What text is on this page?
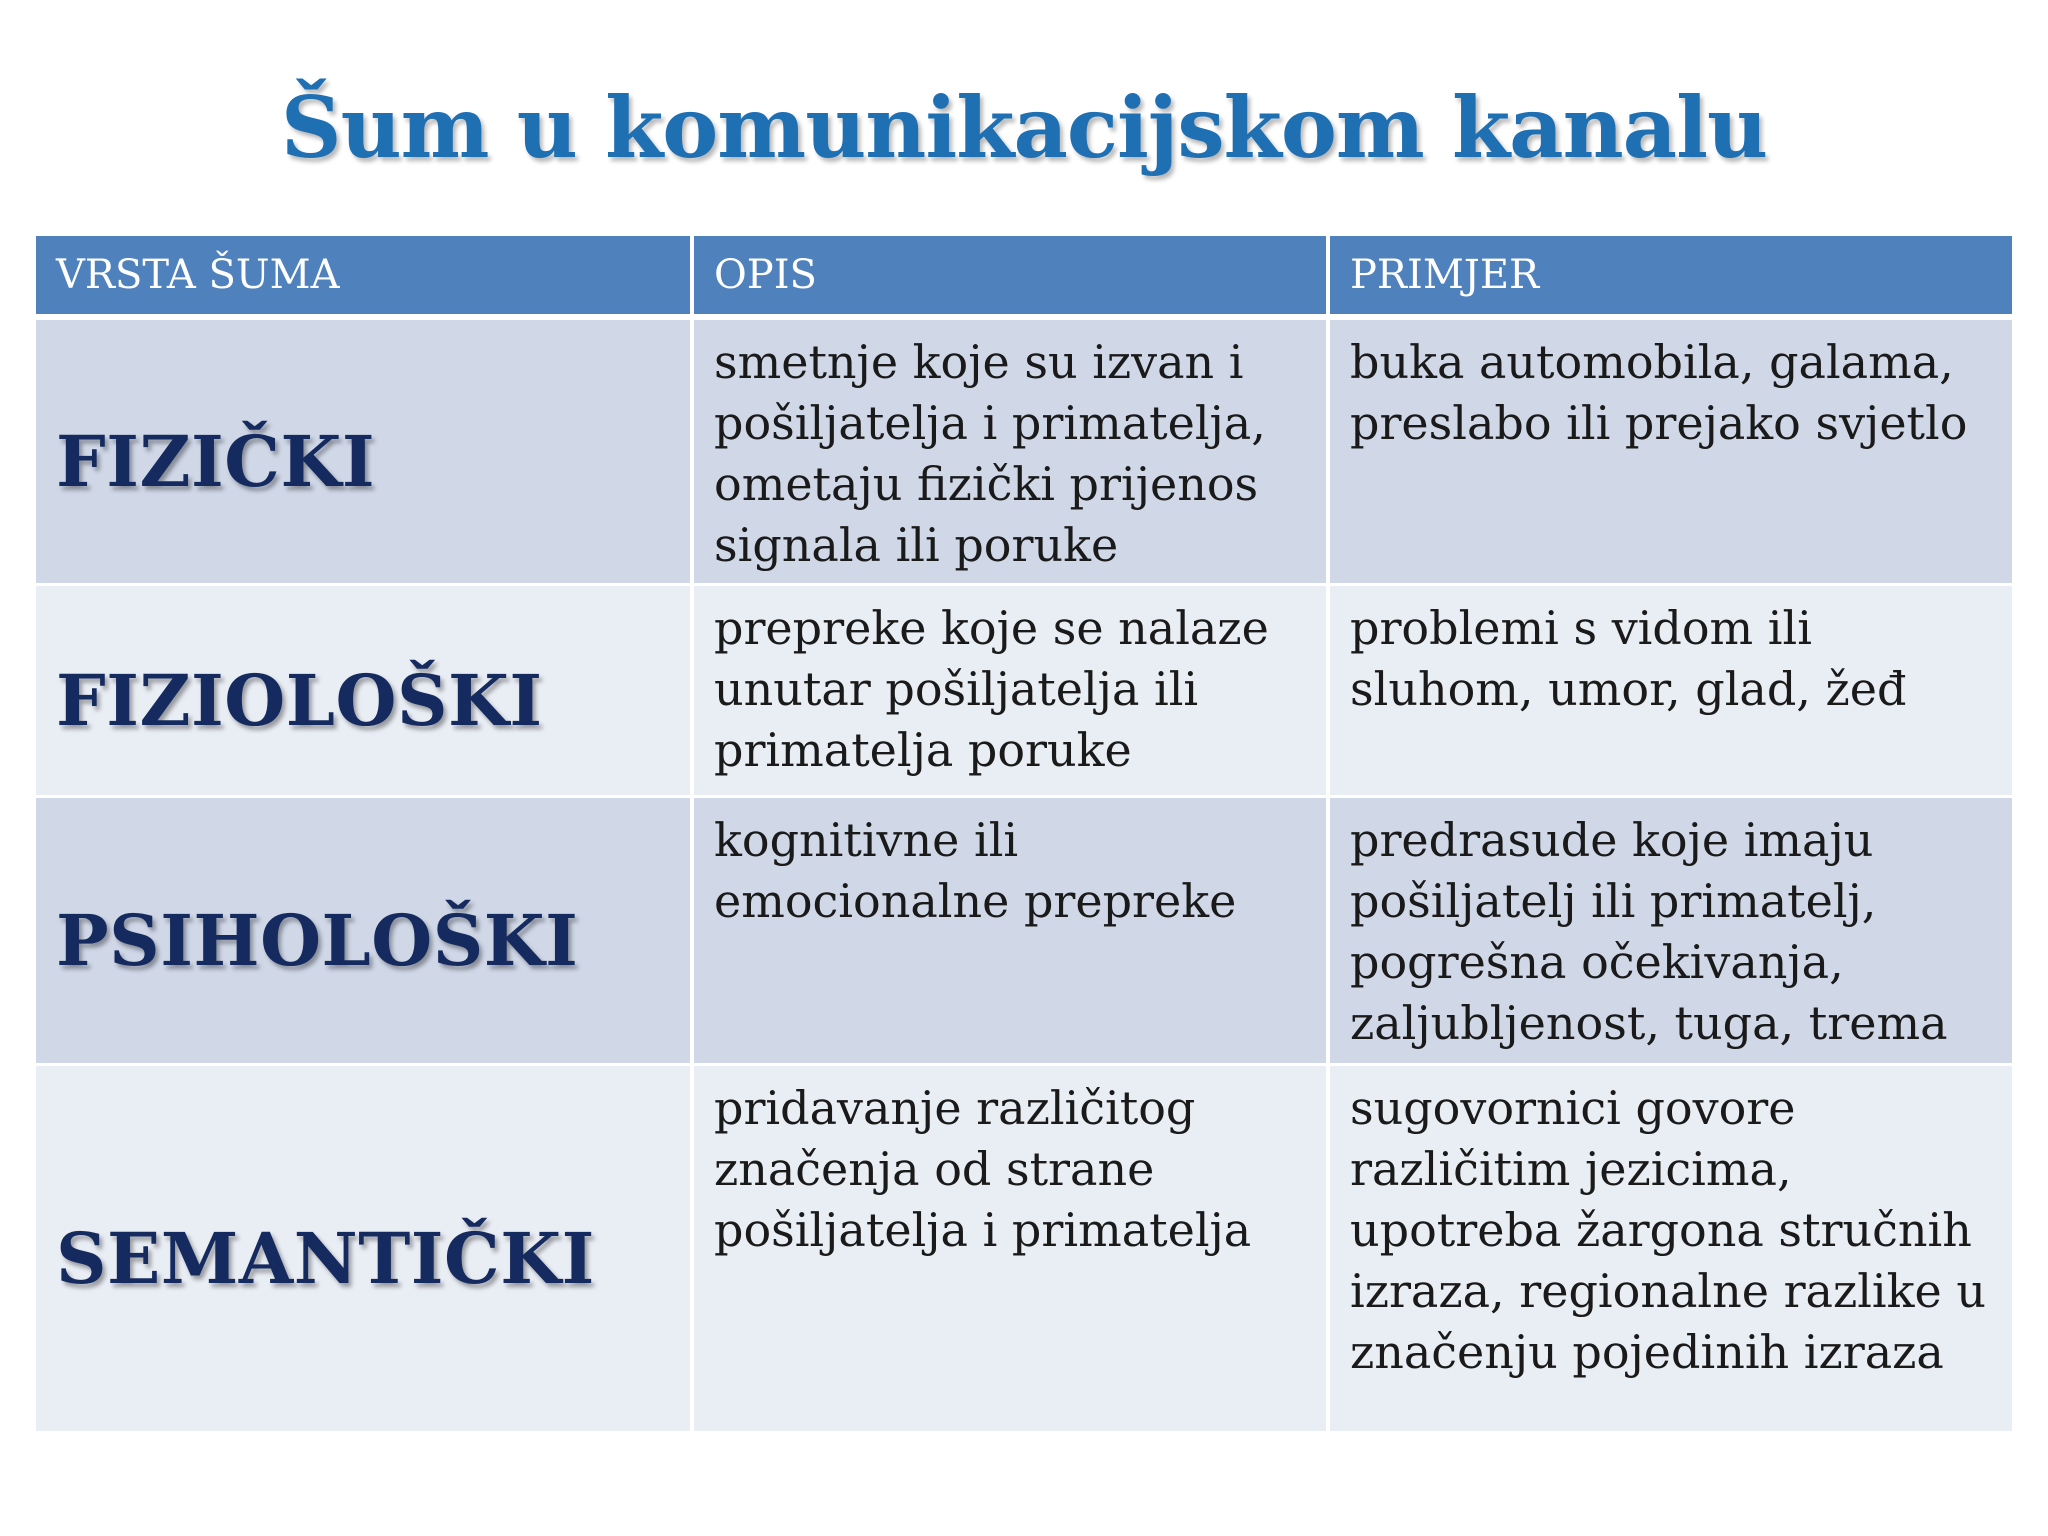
Šum u komunikacijskom kanalu
VRSTA ŠUMA	OPIS	PRIMJER
FIZIČKI	smetnje koje su izvan i pošiljatelja i primatelja, ometaju fizički prijenos signala ili poruke	buka automobila, galama, preslabo ili prejako svjetlo
FIZIOLOŠKI	prepreke koje se nalaze unutar pošiljatelja ili primatelja poruke	problemi s vidom ili sluhom, umor, glad, žeđ
PSIHOLOŠKI	kognitivne ili emocionalne prepreke	predrasude koje imaju pošiljatelj ili primatelj, pogrešna očekivanja, zaljubljenost, tuga, trema
SEMANTIČKI	pridavanje različitog značenja od strane pošiljatelja i primatelja	sugovornici govore različitim jezicima, upotreba žargona stručnih izraza, regionalne razlike u značenju pojedinih izraza
